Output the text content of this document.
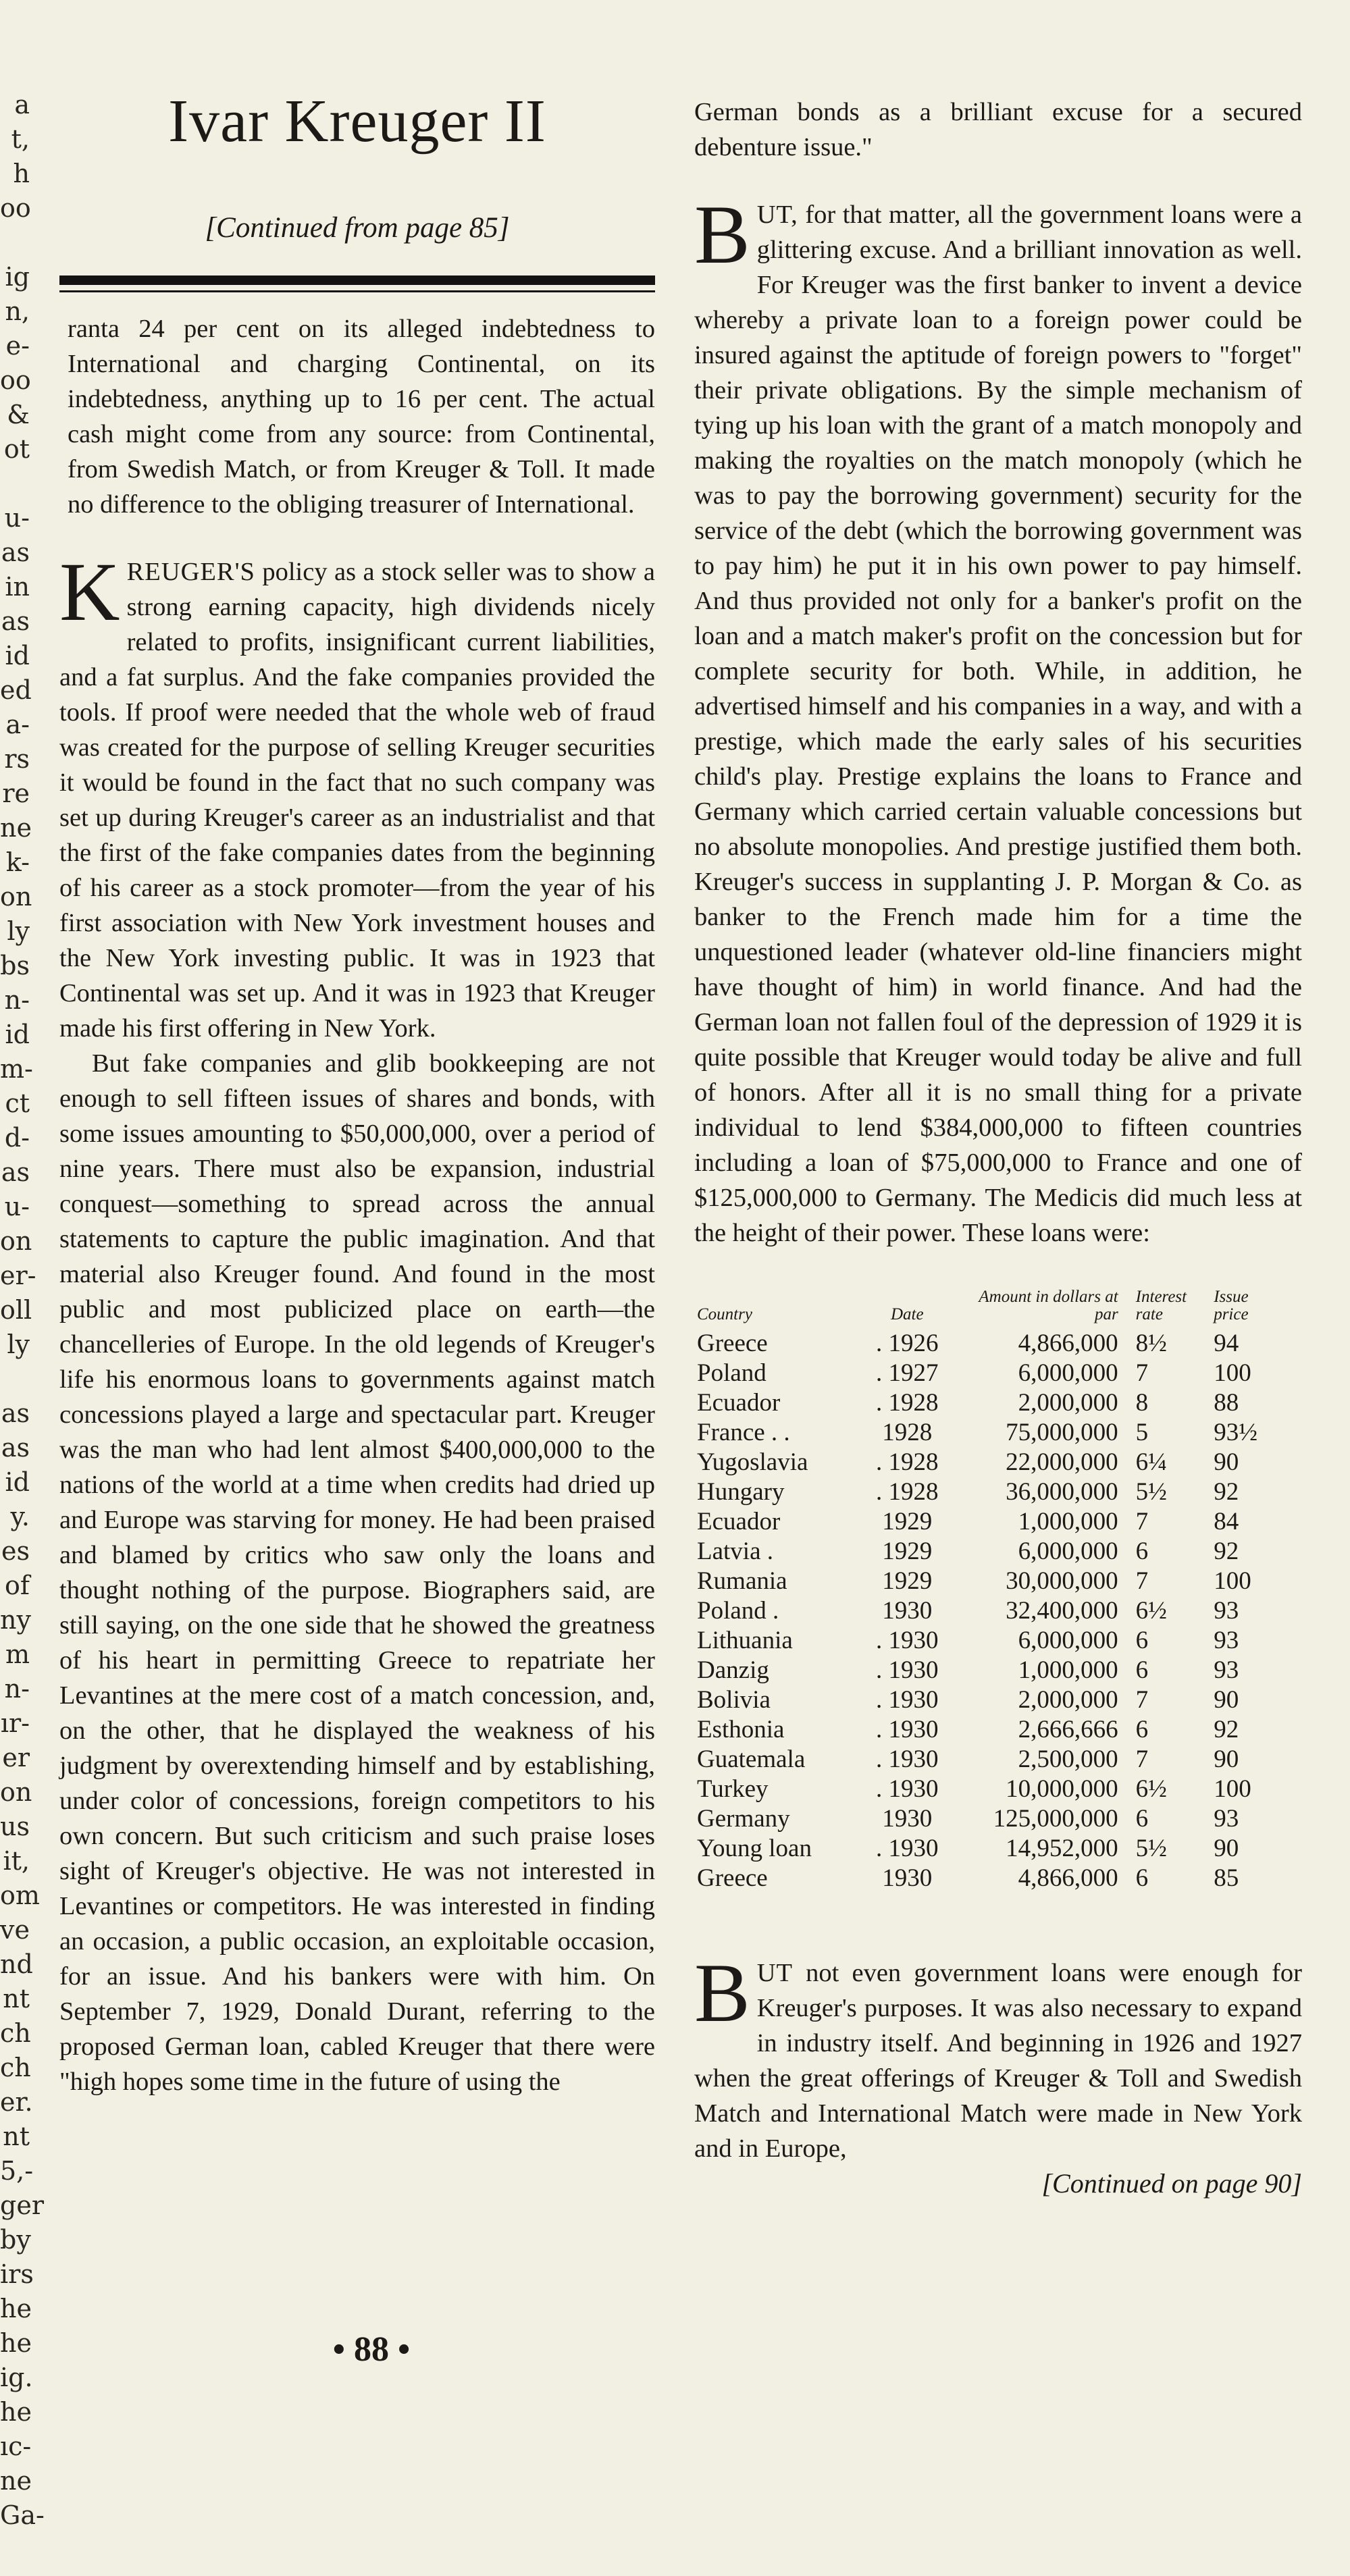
a
t,
h
oo
ig
n,
e-
oo
&
ot
u-
as
in
as
id
ed
a-
rs
re
ne
k-
on
ly
bs
n-
id
m-
ct
d-
as
u-
on
er-
oll
ly
as
as
id
y.
es
of
ny
m
n-
ır-
er
on
us
it,
om
ve
nd
nt
ch
ch
er.
nt
5,-
ger
by
irs
he
he
ig.
he
ıc-
ne
Ga-
Ivar Kreuger II
[Continued from page 85]

ranta 24 per cent on its alleged indebtedness to International and charging Continental, on its indebtedness, anything up to 16 per cent. The actual cash might come from any source: from Continental, from Swedish Match, or from Kreuger & Toll. It made no difference to the obliging treasurer of International.

KREUGER'S policy as a stock seller was to show a strong earning capacity, high dividends nicely related to profits, insignificant current liabilities, and a fat surplus. And the fake companies provided the tools. If proof were needed that the whole web of fraud was created for the purpose of selling Kreuger securities it would be found in the fact that no such company was set up during Kreuger's career as an industrialist and that the first of the fake companies dates from the beginning of his career as a stock promoter—from the year of his first association with New York investment houses and the New York investing public. It was in 1923 that Continental was set up. And it was in 1923 that Kreuger made his first offering in New York.

But fake companies and glib bookkeeping are not enough to sell fifteen issues of shares and bonds, with some issues amounting to $50,000,000, over a period of nine years. There must also be expansion, industrial conquest—something to spread across the annual statements to capture the public imagination. And that material also Kreuger found. And found in the most public and most publicized place on earth—the chancelleries of Europe. In the old legends of Kreuger's life his enormous loans to governments against match concessions played a large and spectacular part. Kreuger was the man who had lent almost $400,000,000 to the nations of the world at a time when credits had dried up and Europe was starving for money. He had been praised and blamed by critics who saw only the loans and thought nothing of the purpose. Biographers said, are still saying, on the one side that he showed the greatness of his heart in permitting Greece to repatriate her Levantines at the mere cost of a match concession, and, on the other, that he displayed the weakness of his judgment by overextending himself and by establishing, under color of concessions, foreign competitors to his own concern. But such criticism and such praise loses sight of Kreuger's objective. He was not interested in Levantines or competitors. He was interested in finding an occasion, a public occasion, an exploitable occasion, for an issue. And his bankers were with him. On September 7, 1929, Donald Durant, referring to the proposed German loan, cabled Kreuger that there were "high hopes some time in the future of using the

German bonds as a brilliant excuse for a secured debenture issue."

BUT, for that matter, all the government loans were a glittering excuse. And a brilliant innovation as well. For Kreuger was the first banker to invent a device whereby a private loan to a foreign power could be insured against the aptitude of foreign powers to "forget" their private obligations. By the simple mechanism of tying up his loan with the grant of a match monopoly and making the royalties on the match monopoly (which he was to pay the borrowing government) security for the service of the debt (which the borrowing government was to pay him) he put it in his own power to pay himself. And thus provided not only for a banker's profit on the loan and a match maker's profit on the concession but for complete security for both. While, in addition, he advertised himself and his companies in a way, and with a prestige, which made the early sales of his securities child's play. Prestige explains the loans to France and Germany which carried certain valuable concessions but no absolute monopolies. And prestige justified them both. Kreuger's success in supplanting J. P. Morgan & Co. as banker to the French made him for a time the unquestioned leader (whatever old-line financiers might have thought of him) in world finance. And had the German loan not fallen foul of the depression of 1929 it is quite possible that Kreuger would today be alive and full of honors. After all it is no small thing for a private individual to lend $384,000,000 to fifteen countries including a loan of $75,000,000 to France and one of $125,000,000 to Germany. The Medicis did much less at the height of their power. These loans were:

Country	Date	Amount in dollars at par	Interest rate	Issue price
Greece	. 1926	4,866,000	8½	94
Poland	. 1927	6,000,000	7	100
Ecuador	. 1928	2,000,000	8	88
France . .	1928	75,000,000	5	93½
Yugoslavia	. 1928	22,000,000	6¼	90
Hungary	. 1928	36,000,000	5½	92
Ecuador	1929	1,000,000	7	84
Latvia .	1929	6,000,000	6	92
Rumania	1929	30,000,000	7	100
Poland .	1930	32,400,000	6½	93
Lithuania	. 1930	6,000,000	6	93
Danzig	. 1930	1,000,000	6	93
Bolivia	. 1930	2,000,000	7	90
Esthonia	. 1930	2,666,666	6	92
Guatemala	. 1930	2,500,000	7	90
Turkey	. 1930	10,000,000	6½	100
Germany	1930	125,000,000	6	93
Young loan	. 1930	14,952,000	5½	90
Greece	1930	4,866,000	6	85

BUT not even government loans were enough for Kreuger's purposes. It was also necessary to expand in industry itself. And beginning in 1926 and 1927 when the great offerings of Kreuger & Toll and Swedish Match and International Match were made in New York and in Europe,

[Continued on page 90]
• 88 •
